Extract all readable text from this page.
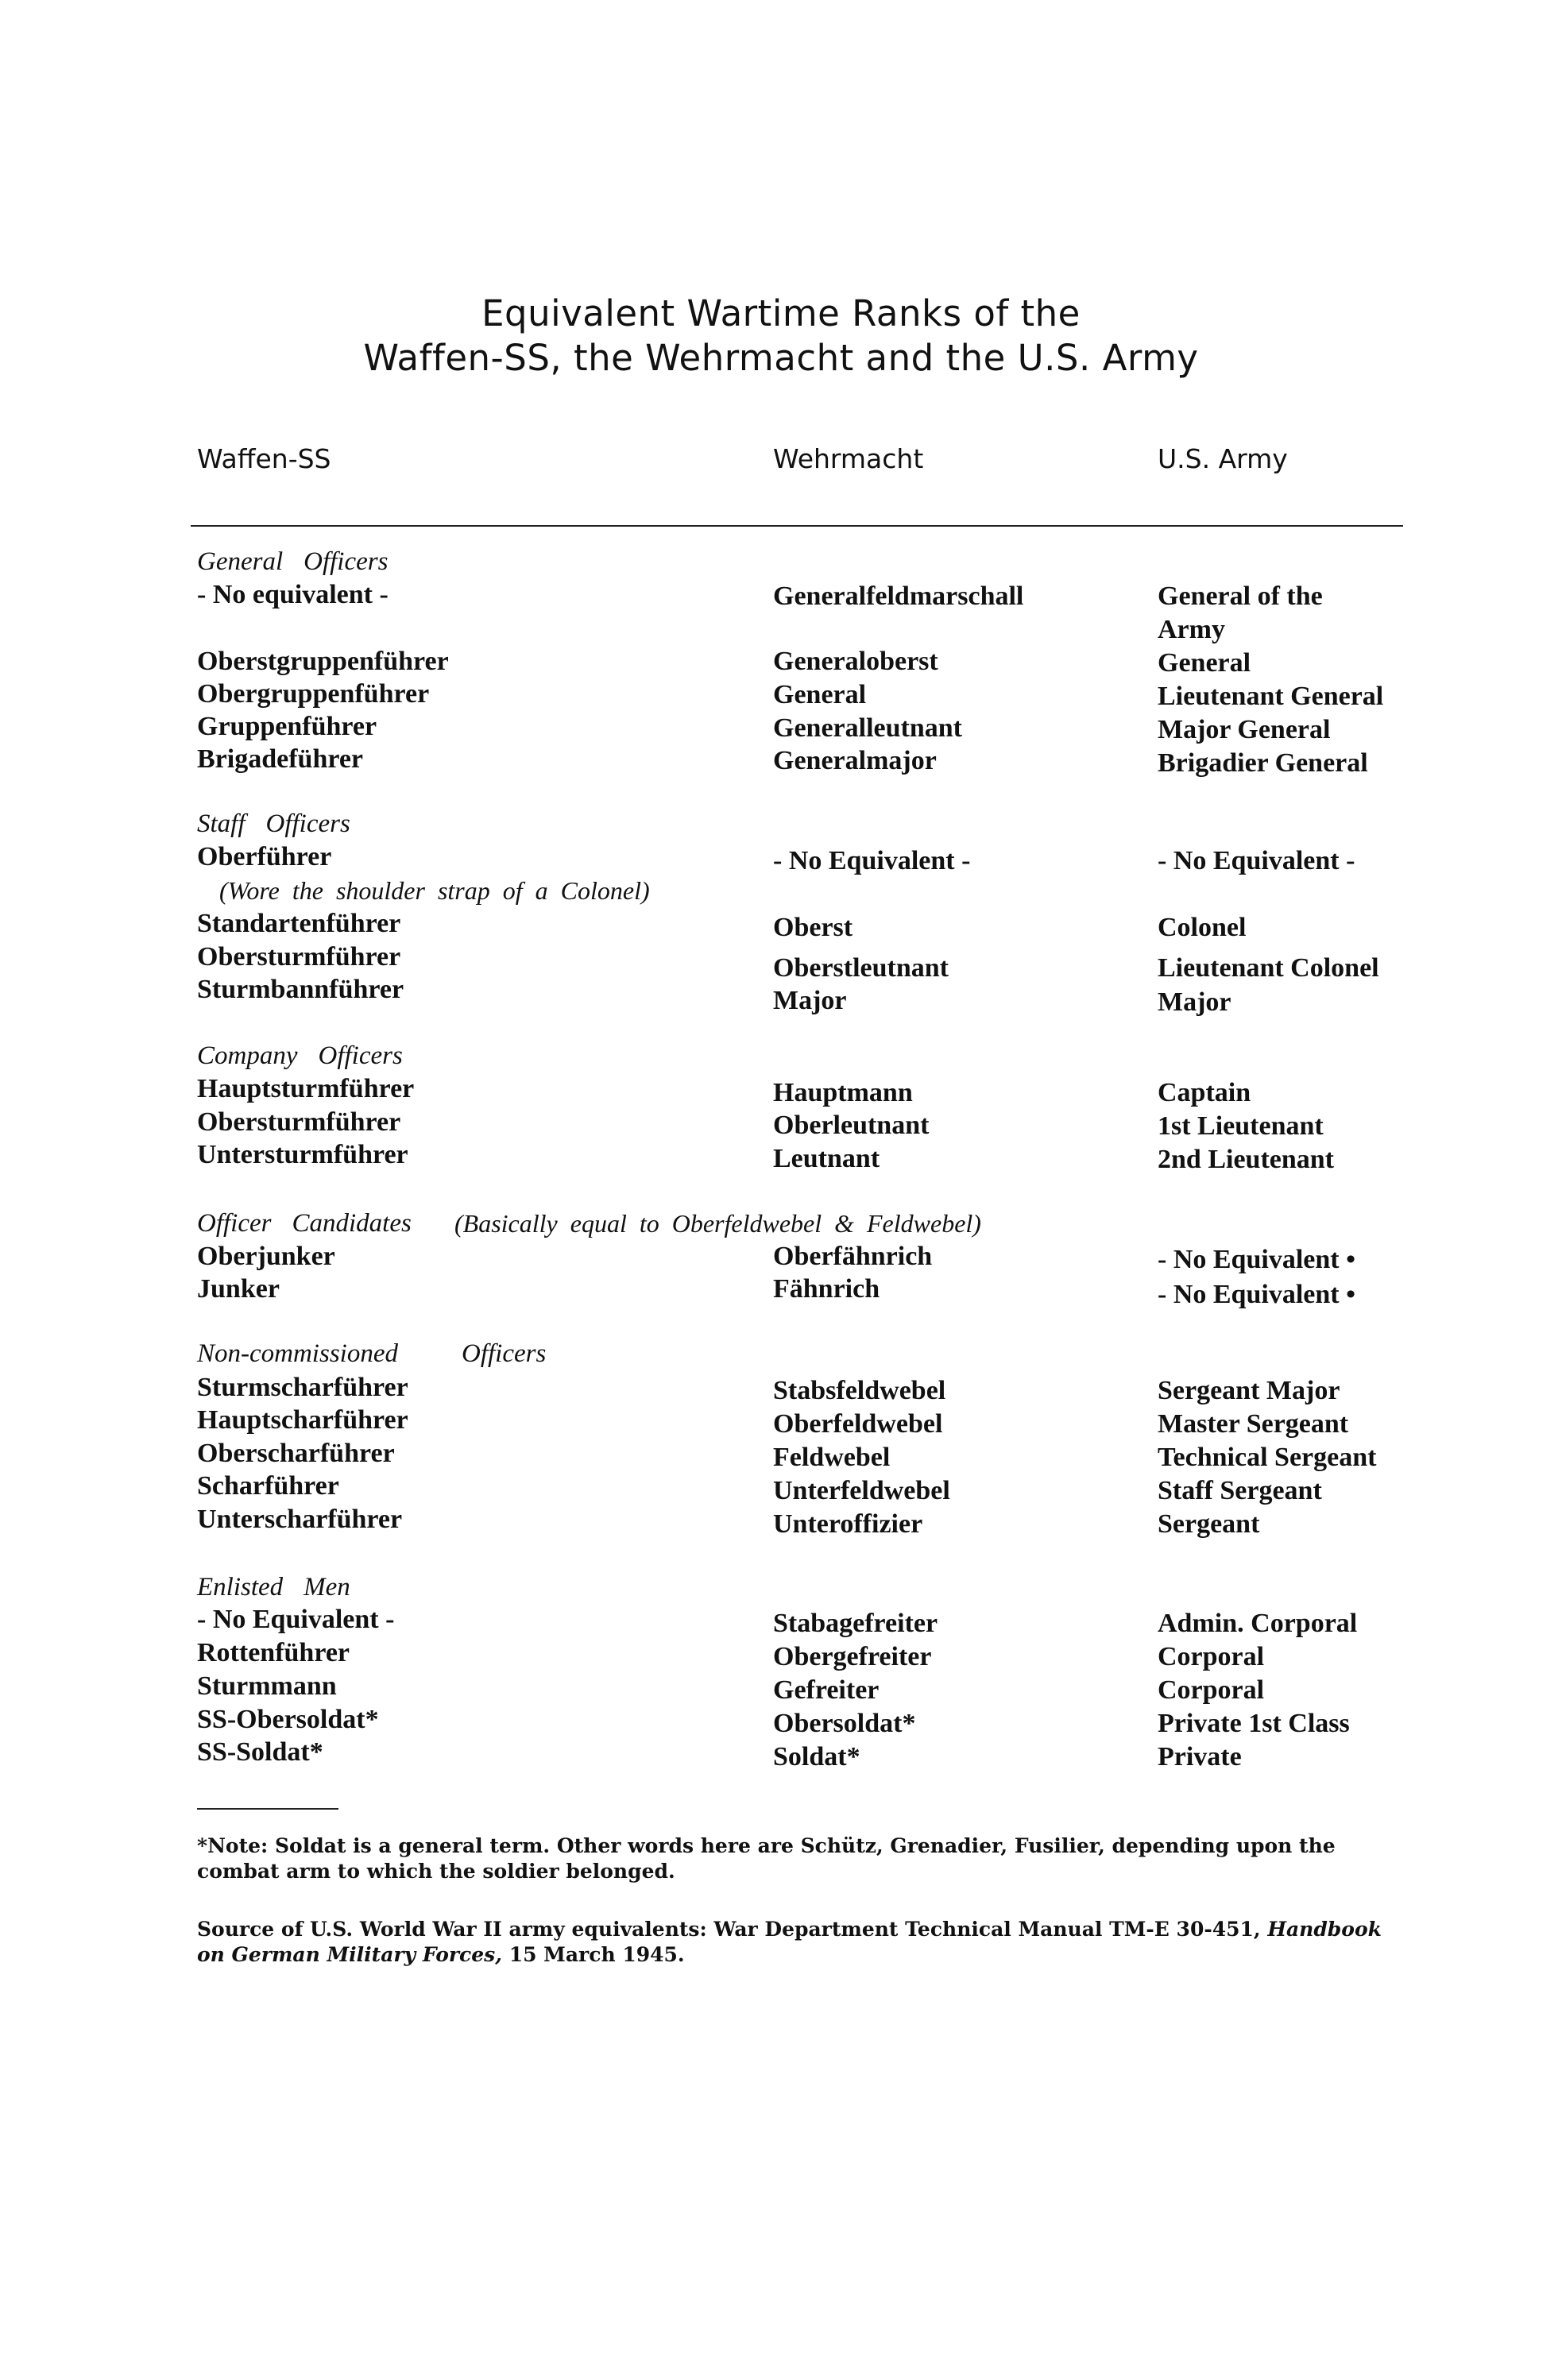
Equivalent Wartime Ranks of the
Waffen-SS, the Wehrmacht and the U.S. Army
Waffen-SS	Wehrmacht	U.S. Army
General Officers
- No equivalent -	Generalfeldmarschall	General of the
Army
Oberstgruppenführer	Generaloberst	General
Obergruppenführer	General	Lieutenant General
Gruppenführer	Generalleutnant	Major General
Brigadeführer	Generalmajor	Brigadier General
Staff Officers
Oberführer	- No Equivalent -	- No Equivalent -
(Wore the shoulder strap of a Colonel)
Standartenführer	Oberst	Colonel
Obersturmführer	Oberstleutnant	Lieutenant Colonel
Sturmbannführer	Major	Major
Company Officers
Hauptsturmführer	Hauptmann	Captain
Obersturmführer	Oberleutnant	1st Lieutenant
Untersturmführer	Leutnant	2nd Lieutenant
Officer Candidates	(Basically equal to Oberfeldwebel & Feldwebel)
Oberjunker	Oberfähnrich	- No Equivalent •
Junker	Fähnrich	- No Equivalent •
Non-commissioned Officers
Sturmscharführer	Stabsfeldwebel	Sergeant Major
Hauptscharführer	Oberfeldwebel	Master Sergeant
Oberscharführer	Feldwebel	Technical Sergeant
Scharführer	Unterfeldwebel	Staff Sergeant
Unterscharführer	Unteroffizier	Sergeant
Enlisted Men
- No Equivalent -	Stabagefreiter	Admin. Corporal
Rottenführer	Obergefreiter	Corporal
Sturmmann	Gefreiter	Corporal
SS-Obersoldat*	Obersoldat*	Private 1st Class
SS-Soldat*	Soldat*	Private
*Note: Soldat is a general term. Other words here are Schütz, Grenadier, Fusilier, depending upon the combat arm to which the soldier belonged.
Source of U.S. World War II army equivalents: War Department Technical Manual TM-E 30-451, Handbook on German Military Forces, 15 March 1945.
